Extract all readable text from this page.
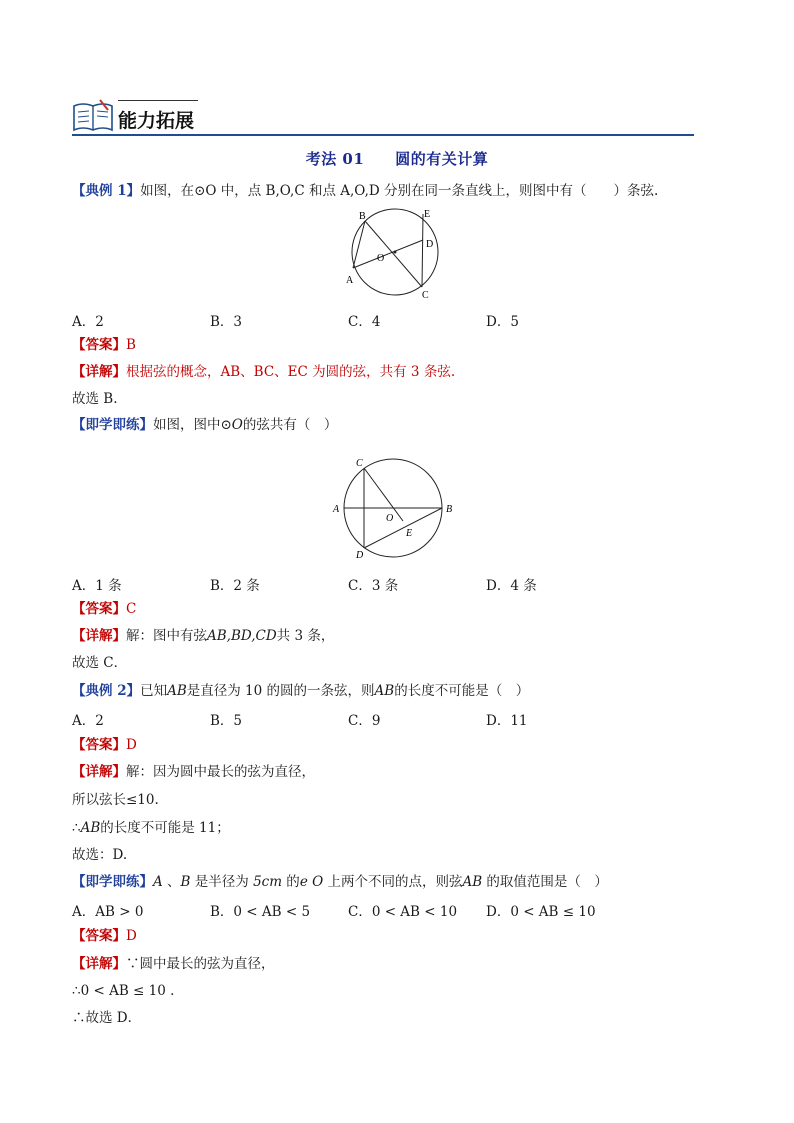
能力拓展
考法 01　　圆的有关计算
【典例 1】如图，在⊙O 中，点 B,O,C 和点 A,O,D 分别在同一条直线上，则图中有（　　）条弦.
B	E
D
O
A
C
A．2	B．3	C．4	D．5
【答案】B
【详解】根据弦的概念，AB、BC、EC 为圆的弦，共有 3 条弦.
故选 B.
【即学即练】如图，图中⊙O的弦共有（　）
C
A
O
B
E
D
A．1 条	B．2 条	C．3 条	D．4 条
【答案】C
【详解】解：图中有弦AB,BD,CD共 3 条，
故选 C．
【典例 2】已知AB是直径为 10 的圆的一条弦，则AB的长度不可能是（　）
A．2	B．5	C．9	D．11
【答案】D
【详解】解：因为圆中最长的弦为直径，
所以弦长≤10.
∴AB的长度不可能是 11；
故选：D.
【即学即练】A 、B 是半径为 5cm 的e O 上两个不同的点，则弦AB 的取值范围是（　）
A．AB > 0	B．0 < AB < 5	C．0 < AB < 10 D．0 < AB ≤ 10
【答案】D
【详解】∵圆中最长的弦为直径，
∴0 < AB ≤ 10 .
∴故选 D．
